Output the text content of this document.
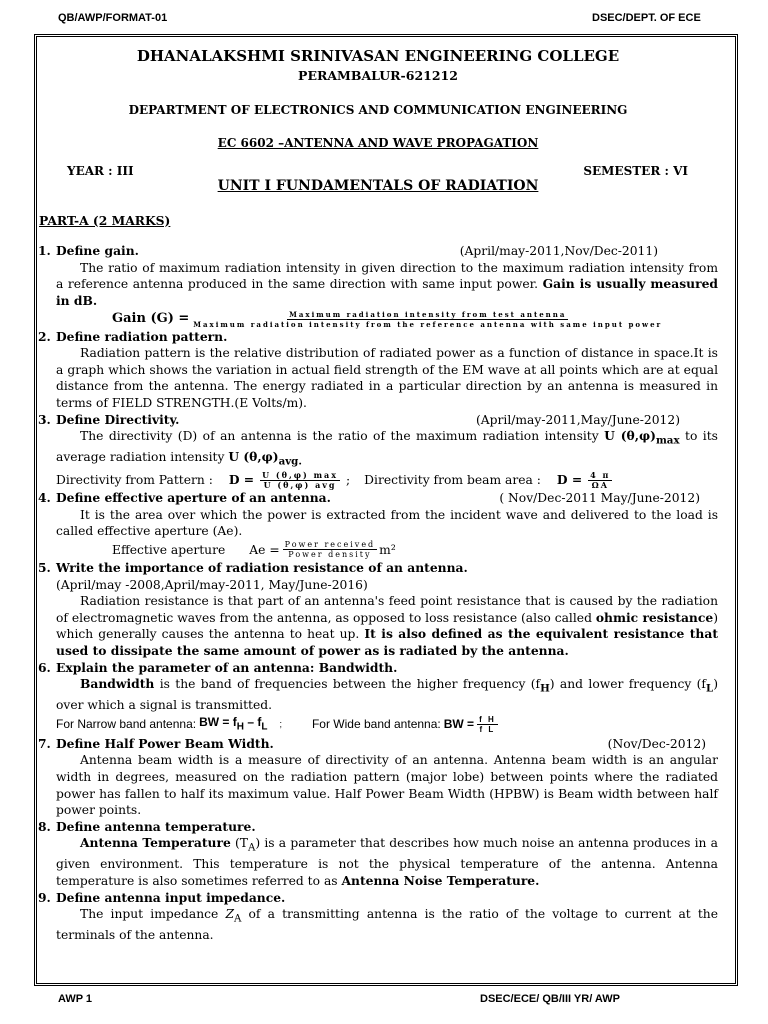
QB/AWP/FORMAT-01	DSEC/DEPT. OF ECE
DHANALAKSHMI SRINIVASAN ENGINEERING COLLEGE
PERAMBALUR-621212
DEPARTMENT OF ELECTRONICS AND COMMUNICATION ENGINEERING
EC 6602 –ANTENNA AND WAVE PROPAGATION
YEAR : III	SEMESTER : VI
UNIT I FUNDAMENTALS OF RADIATION
PART-A (2 MARKS)
1. Define gain.	(April/may-2011,Nov/Dec-2011)
The ratio of maximum radiation intensity in given direction to the maximum radiation intensity from a reference antenna produced in the same direction with same input power. Gain is usually measured in dB.
Gain (G) =	Maximum radiation intensity from test antenna
Maximum radiation intensity from the reference antenna with same input power
2. Define radiation pattern.
Radiation pattern is the relative distribution of radiated power as a function of distance in space.It is a graph which shows the variation in actual field strength of the EM wave at all points which are at equal distance from the antenna. The energy radiated in a particular direction by an antenna is measured in terms of FIELD STRENGTH.(E Volts/m).
3. Define Directivity.	(April/may-2011,May/June-2012)
The directivity (D) of an antenna is the ratio of the maximum radiation intensity U $(\theta,\varphi)_{max}$ to its average radiation intensity U $(\theta,\varphi)_{avg.}$
Directivity from Pattern : $D = \frac{U (\theta,\varphi) \max}{\text{U (θ,φ) avg}}$ ; Directivity from beam area : $D = \frac{4 \pi}{\Omega A}$
4. Define effective aperture of an antenna.	( Nov/Dec-2011 May/June-2012)
It is the area over which the power is extracted from the incident wave and delivered to the load is called effective aperture (Ae).
Effective aperture $Ae = \frac{\text{Power received}}{\text{Power density}} m^2$
5. Write the importance of radiation resistance of an antenna.
(April/may -2008,April/may-2011, May/June-2016)
Radiation resistance is that part of an antenna's feed point resistance that is caused by the radiation of electromagnetic waves from the antenna, as opposed to loss resistance (also called ohmic resistance) which generally causes the antenna to heat up. It is also defined as the equivalent resistance that used to dissipate the same amount of power as is radiated by the antenna.
6. Explain the parameter of an antenna: Bandwidth.
Bandwidth is the band of frequencies between the higher frequency $(f_H)$ and lower frequency $(f_L)$ over which a signal is transmitted.
For Narrow band antenna: BW = $f_H - f_L$ ;	For Wide band antenna: BW = $\frac{\text{f H}}{\text{f L}}$
7. Define Half Power Beam Width.	(Nov/Dec-2012)
Antenna beam width is a measure of directivity of an antenna. Antenna beam width is an angular width in degrees, measured on the radiation pattern (major lobe) between points where the radiated power has fallen to half its maximum value. Half Power Beam Width (HPBW) is Beam width between half power points.
8. Define antenna temperature.
Antenna Temperature $(T_A)$ is a parameter that describes how much noise an antenna produces in a given environment. This temperature is not the physical temperature of the antenna. Antenna temperature is also sometimes referred to as Antenna Noise Temperature.
9. Define antenna input impedance.
The input impedance $Z_A$ of a transmitting antenna is the ratio of the voltage to current at the terminals of the antenna.
AWP 1	DSEC/ECE/ QB/III YR/ AWP
